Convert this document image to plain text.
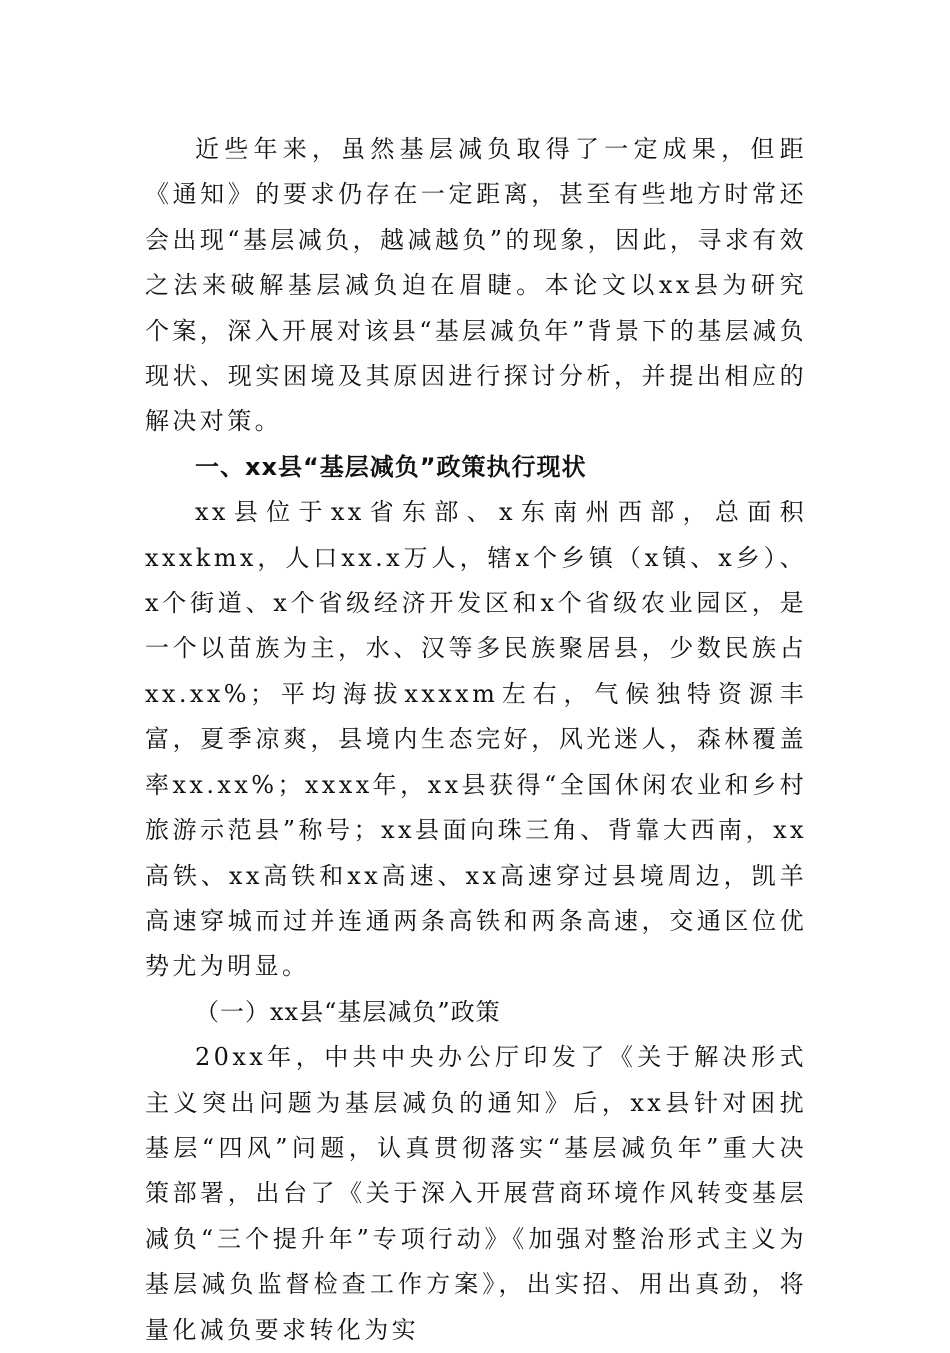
近些年来，虽然基层减负取得了一定成果，但距《通知》的要求仍存在一定距离，甚至有些地方时常还会出现“基层减负，越减越负”的现象，因此，寻求有效之法来破解基层减负迫在眉睫。本论文以xx县为研究个案，深入开展对该县“基层减负年”背景下的基层减负现状、现实困境及其原因进行探讨分析，并提出相应的解决对策。

一、xx县“基层减负”政策执行现状

xx县位于xx省东部、x东南州西部，总面积xxxkmx，人口xx.x万人，辖x个乡镇（x镇、x乡）、x个街道、x个省级经济开发区和x个省级农业园区，是一个以苗族为主，水、汉等多民族聚居县，少数民族占xx.xx%；平均海拔xxxxm左右，气候独特资源丰富，夏季凉爽，县境内生态完好，风光迷人，森林覆盖率xx.xx%；xxxx年，xx县获得“全国休闲农业和乡村旅游示范县”称号；xx县面向珠三角、背靠大西南，xx高铁、xx高铁和xx高速、xx高速穿过县境周边，凯羊高速穿城而过并连通两条高铁和两条高速，交通区位优势尤为明显。

（一）xx县“基层减负”政策

20xx年，中共中央办公厅印发了《关于解决形式主义突出问题为基层减负的通知》后，xx县针对困扰基层“四风”问题，认真贯彻落实“基层减负年”重大决策部署，出台了《关于深入开展营商环境作风转变基层减负“三个提升年”专项行动》《加强对整治形式主义为基层减负监督检查工作方案》，出实招、用出真劲，将量化减负要求转化为实
